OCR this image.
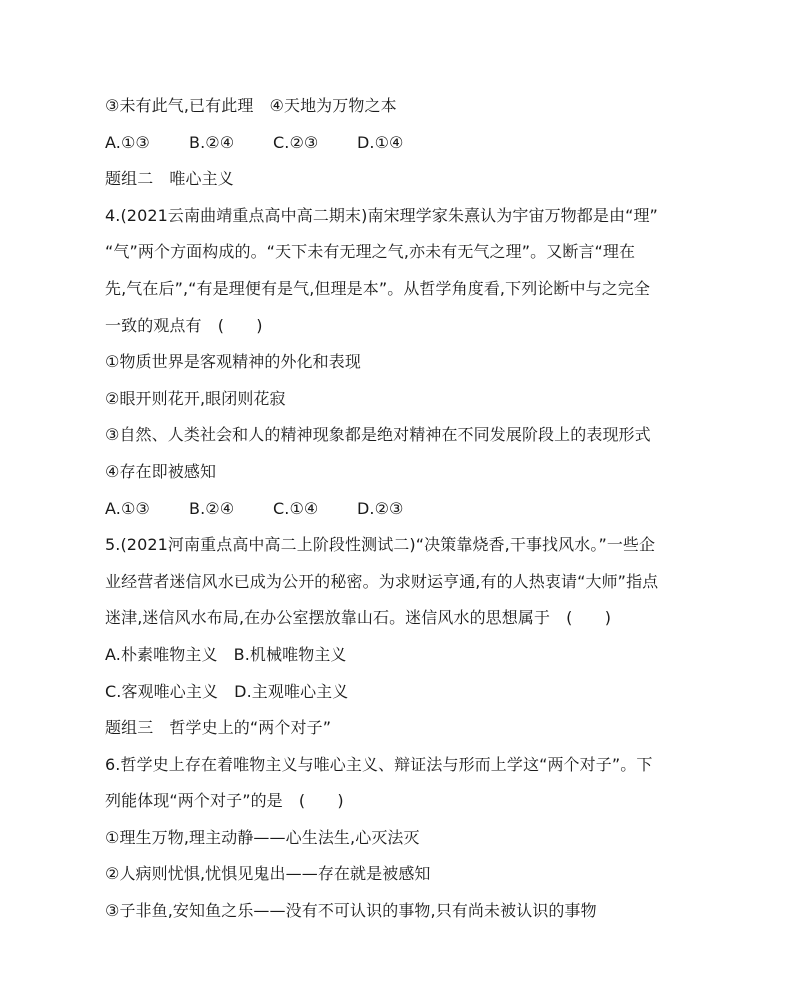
③未有此气,已有此理　④天地为万物之本
A.①③ B.②④ C.②③ D.①④
题组二　唯心主义
4.(2021云南曲靖重点高中高二期末)南宋理学家朱熹认为宇宙万物都是由“理”
“气”两个方面构成的。“天下未有无理之气,亦未有无气之理”。又断言“理在
先,气在后”,“有是理便有是气,但理是本”。从哲学角度看,下列论断中与之完全
一致的观点有　(　　)
①物质世界是客观精神的外化和表现
②眼开则花开,眼闭则花寂
③自然、人类社会和人的精神现象都是绝对精神在不同发展阶段上的表现形式
④存在即被感知
A.①③ B.②④ C.①④ D.②③
5.(2021河南重点高中高二上阶段性测试二)“决策靠烧香,干事找风水。”一些企
业经营者迷信风水已成为公开的秘密。为求财运亨通,有的人热衷请“大师”指点
迷津,迷信风水布局,在办公室摆放靠山石。迷信风水的思想属于　(　　)
A.朴素唯物主义　B.机械唯物主义
C.客观唯心主义　D.主观唯心主义
题组三　哲学史上的“两个对子”
6.哲学史上存在着唯物主义与唯心主义、辩证法与形而上学这“两个对子”。下
列能体现“两个对子”的是　(　　)
①理生万物,理主动静——心生法生,心灭法灭
②人病则忧惧,忧惧见鬼出——存在就是被感知
③子非鱼,安知鱼之乐——没有不可认识的事物,只有尚未被认识的事物
